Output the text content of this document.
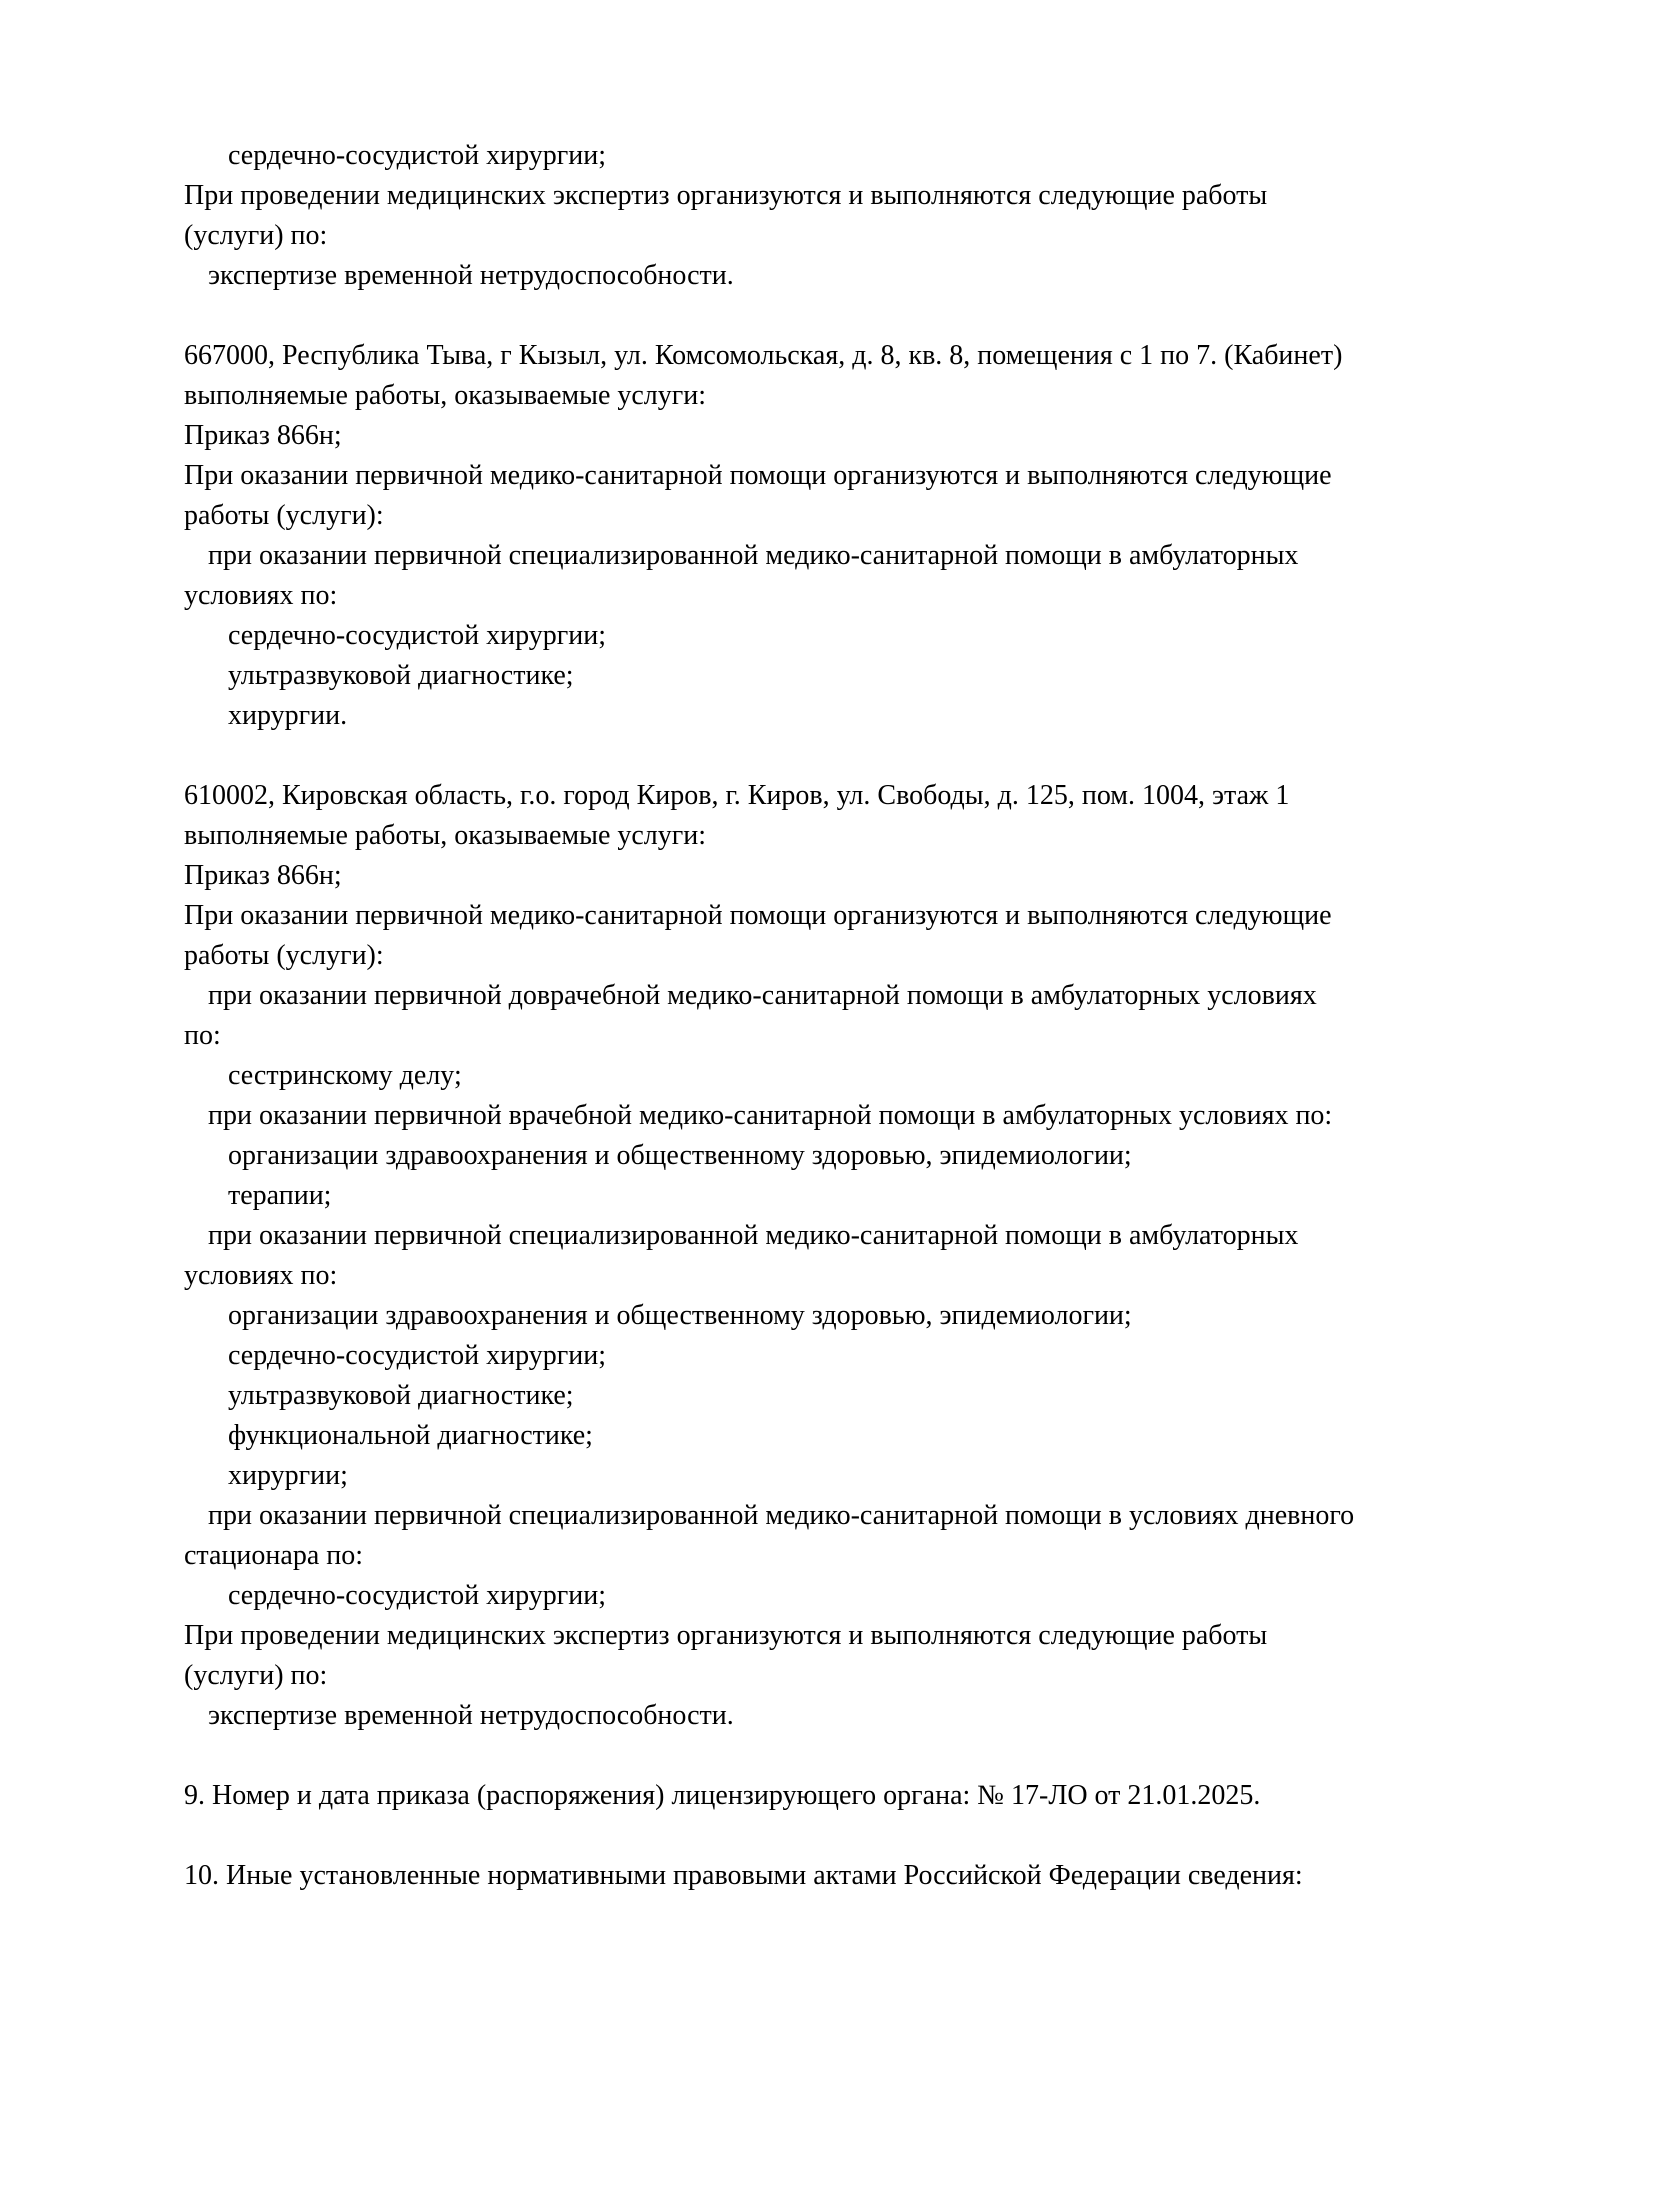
сердечно-сосудистой хирургии;
При проведении медицинских экспертиз организуются и выполняются следующие работы
(услуги) по:
экспертизе временной нетрудоспособности.

667000, Республика Тыва, г Кызыл, ул. Комсомольская, д. 8, кв. 8, помещения с 1 по 7. (Кабинет)
выполняемые работы, оказываемые услуги:
Приказ 866н;
При оказании первичной медико-санитарной помощи организуются и выполняются следующие
работы (услуги):
при оказании первичной специализированной медико-санитарной помощи в амбулаторных
условиях по:
сердечно-сосудистой хирургии;
ультразвуковой диагностике;
хирургии.

610002, Кировская область, г.о. город Киров, г. Киров, ул. Свободы, д. 125, пом. 1004, этаж 1
выполняемые работы, оказываемые услуги:
Приказ 866н;
При оказании первичной медико-санитарной помощи организуются и выполняются следующие
работы (услуги):
при оказании первичной доврачебной медико-санитарной помощи в амбулаторных условиях
по:
сестринскому делу;
при оказании первичной врачебной медико-санитарной помощи в амбулаторных условиях по:
организации здравоохранения и общественному здоровью, эпидемиологии;
терапии;
при оказании первичной специализированной медико-санитарной помощи в амбулаторных
условиях по:
организации здравоохранения и общественному здоровью, эпидемиологии;
сердечно-сосудистой хирургии;
ультразвуковой диагностике;
функциональной диагностике;
хирургии;
при оказании первичной специализированной медико-санитарной помощи в условиях дневного
стационара по:
сердечно-сосудистой хирургии;
При проведении медицинских экспертиз организуются и выполняются следующие работы
(услуги) по:
экспертизе временной нетрудоспособности.

9. Номер и дата приказа (распоряжения) лицензирующего органа: № 17-ЛО от 21.01.2025.

10. Иные установленные нормативными правовыми актами Российской Федерации сведения:
